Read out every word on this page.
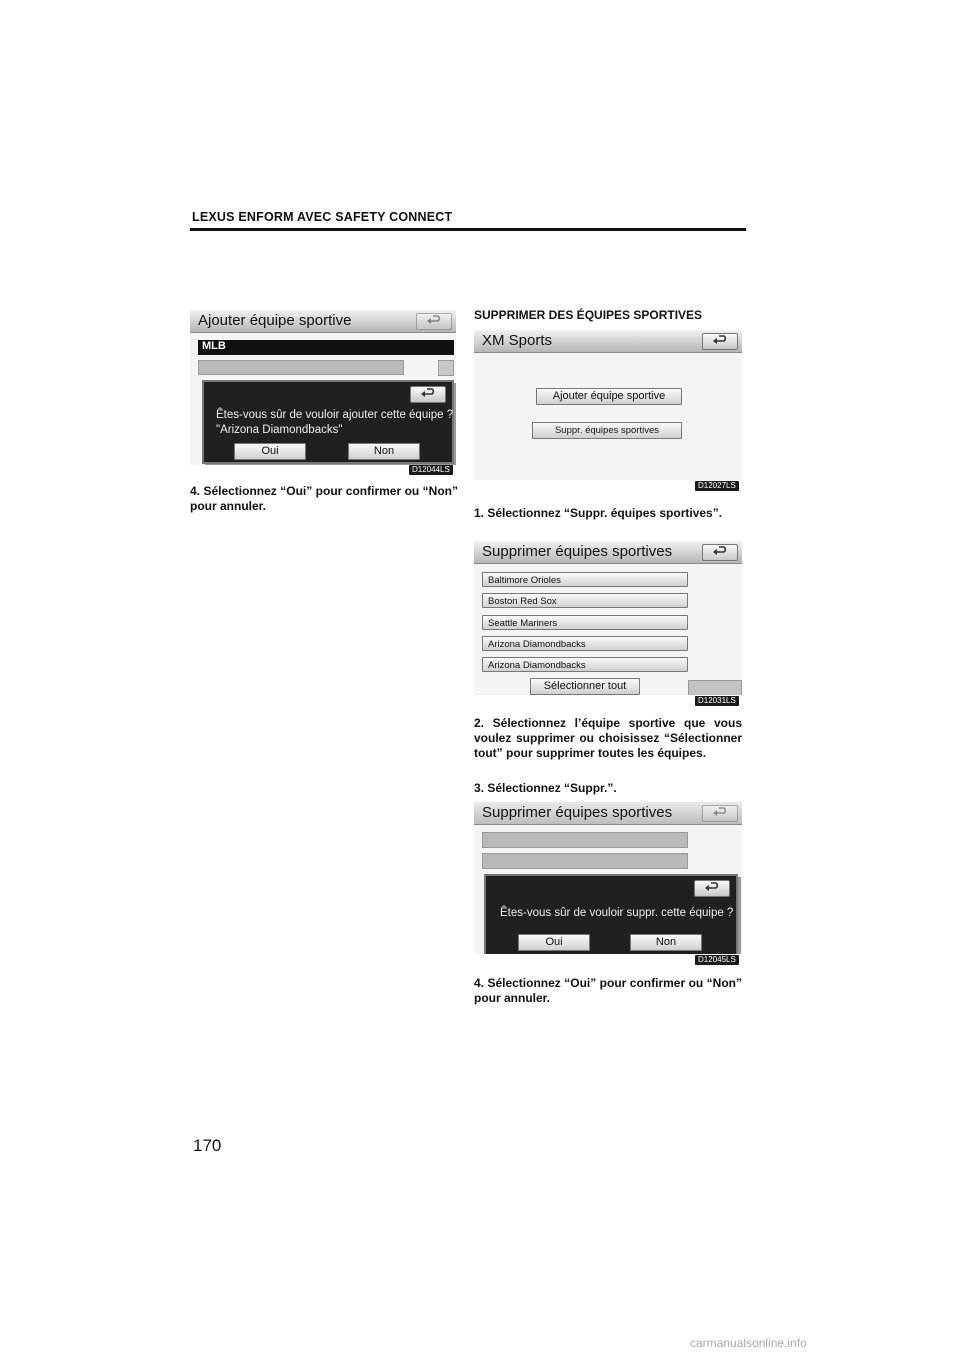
LEXUS ENFORM AVEC SAFETY CONNECT
Ajouter équipe sportive
MLB
Êtes-vous sûr de vouloir ajouter cette équipe ?
"Arizona Diamondbacks"
Oui	Non
D12044LS
4. Sélectionnez “Oui” pour confirmer ou “Non” pour annuler.
SUPPRIMER DES ÉQUIPES SPORTIVES
XM Sports
Ajouter équipe sportive
Suppr. équipes sportives
D12027LS
1. Sélectionnez “Suppr. équipes sportives”.
Supprimer équipes sportives
Baltimore Orioles
Boston Red Sox
Seattle Mariners
Arizona Diamondbacks
Arizona Diamondbacks
Sélectionner tout
D12031LS
2. Sélectionnez l’équipe sportive que vous voulez supprimer ou choisissez “Sélectionner tout” pour supprimer toutes les équipes.
3. Sélectionnez “Suppr.”.
Supprimer équipes sportives
Êtes-vous sûr de vouloir suppr. cette équipe ?
Oui	Non
D12045LS
4. Sélectionnez “Oui” pour confirmer ou “Non” pour annuler.
170
carmanualsonline.info
